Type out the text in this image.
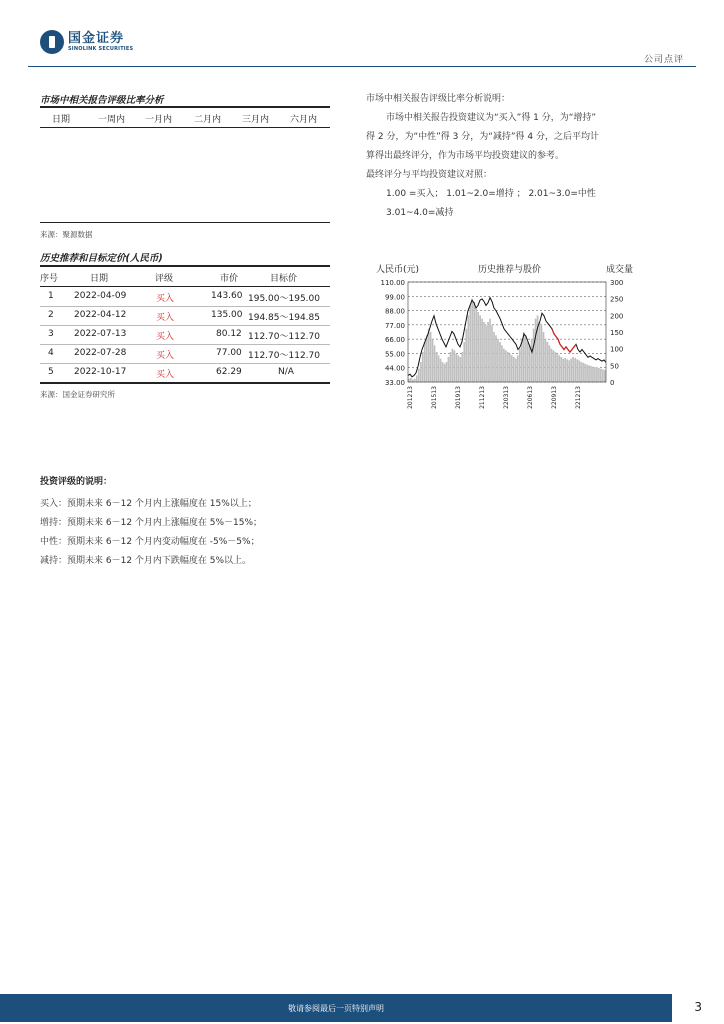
国金证券
SINOLINK SECURITIES
公司点评
市场中相关报告评级比率分析
日期	一周内 一月内 二月内 三月内 六月内
来源：聚源数据
市场中相关报告评级比率分析说明：
市场中相关报告投资建议为“买入”得 1 分，为“增持”
得 2 分，为“中性”得 3 分，为“减持”得 4 分，之后平均计
算得出最终评分，作为市场平均投资建议的参考。
最终评分与平均投资建议对照：
1.00 =买入； 1.01~2.0=增持 ； 2.01~3.0=中性
3.01~4.0=减持
历史推荐和目标定价(人民币)
序号	日期	评级	市价	目标价
1 2022-04-09	买入	143.60 195.00～195.00
2 2022-04-12	买入	135.00 194.85～194.85
3 2022-07-13	买入	80.12 112.70～112.70
4 2022-07-28	买入	77.00 112.70～112.70
5 2022-10-17	买入	62.29	N/A
来源：国金证券研究所
人民币(元)	历史推荐与股价	成交量
110.00
99.00
88.00
77.00
66.00
55.00
44.00
33.00
300
250
200
150
100
50
0
201213	201513	201913	211213	220313	220613	220913	221213
投资评级的说明：
买入：预期未来 6－12 个月内上涨幅度在 15%以上；
增持：预期未来 6－12 个月内上涨幅度在 5%－15%；
中性：预期未来 6－12 个月内变动幅度在 -5%－5%；
减持：预期未来 6－12 个月内下跌幅度在 5%以上。
敬请参阅最后一页特别声明	3
